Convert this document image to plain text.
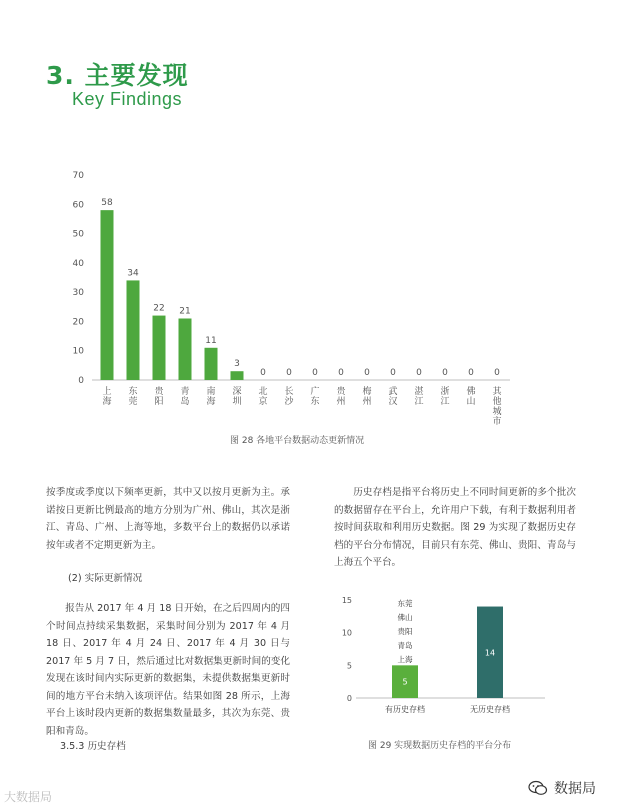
3. 主要发现
Key Findings
0
10
20
30
40
50
60
70
58
34
22 21
11
3
0 0 0 0 0 0 0 0 0 0
上海
东莞
贵阳
青岛
南海
深圳
北京
长沙
广东
贵州
梅州
武汉
湛江
浙江
佛山
其他城市
图 28 各地平台数据动态更新情况
按季度或季度以下频率更新，其中又以按月更新为主。承诺按日更新比例最高的地方分别为广州、佛山，其次是浙江、青岛、广州、上海等地，多数平台上的数据仍以承诺按年或者不定期更新为主。
(2) 实际更新情况
报告从 2017 年 4 月 18 日开始，在之后四周内的四个时间点持续采集数据，采集时间分别为 2017 年 4 月 18 日、2017 年 4 月 24 日、2017 年 4 月 30 日与 2017 年 5 月 7 日，然后通过比对数据集更新时间的变化发现在该时间内实际更新的数据集，未提供数据集更新时间的地方平台未纳入该项评估。结果如图 28 所示，上海平台上该时段内更新的数据集数量最多，其次为东莞、贵阳和青岛。
3.5.3 历史存档
历史存档是指平台将历史上不同时间更新的多个批次的数据留存在平台上，允许用户下载，有利于数据利用者按时间获取和利用历史数据。图 29 为实现了数据历史存档的平台分布情况，目前只有东莞、佛山、贵阳、青岛与上海五个平台。
0
5
10
15
5
14
东莞
佛山
贵阳
青岛
上海
有历史存档	无历史存档
图 29 实现数据历史存档的平台分布
大数据局	数据局
